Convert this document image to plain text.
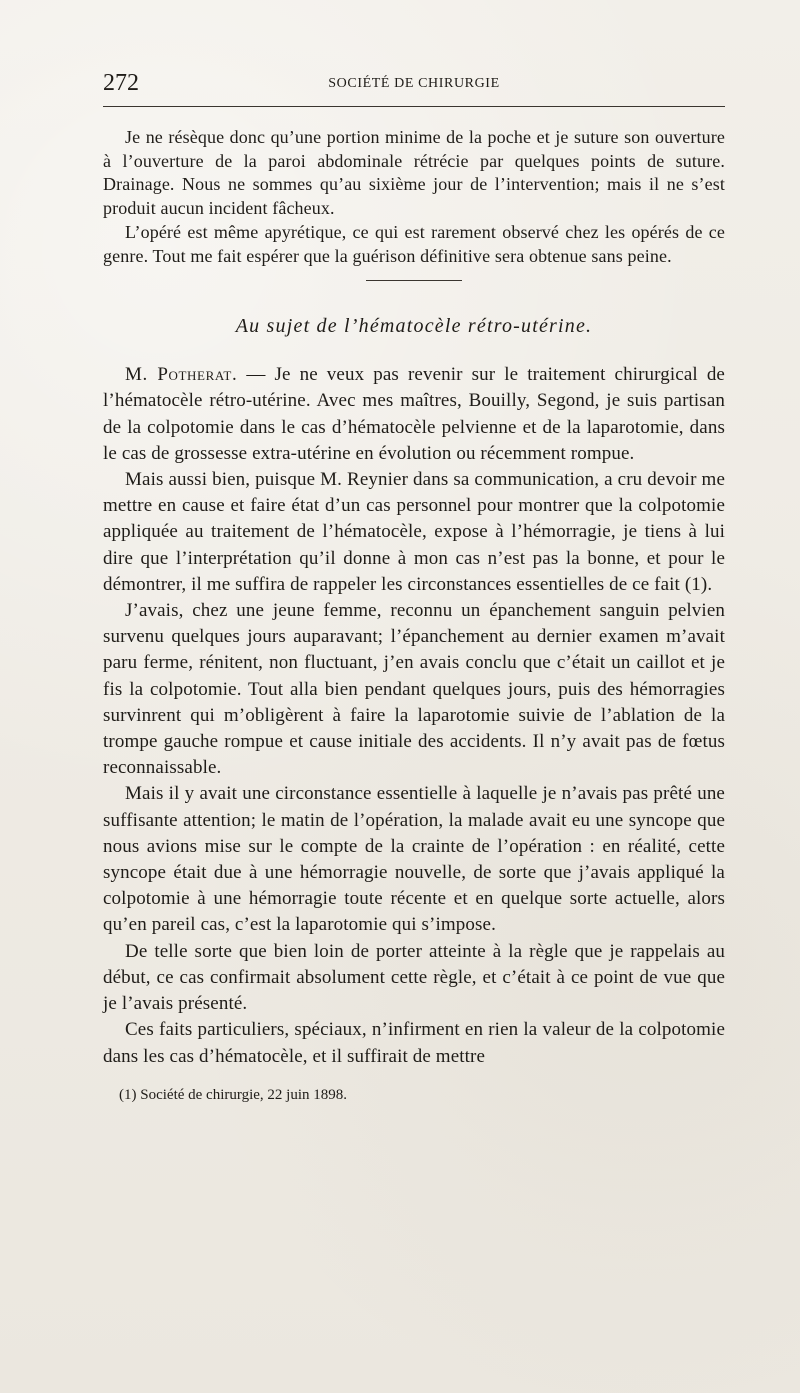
272	SOCIÉTÉ DE CHIRURGIE

Je ne résèque donc qu’une portion minime de la poche et je suture son ouverture à l’ouverture de la paroi abdominale rétrécie par quelques points de suture. Drainage. Nous ne sommes qu’au sixième jour de l’intervention; mais il ne s’est produit aucun incident fâcheux.

L’opéré est même apyrétique, ce qui est rarement observé chez les opérés de ce genre. Tout me fait espérer que la guérison définitive sera obtenue sans peine.

Au sujet de l’hématocèle rétro-utérine.

M. Potherat. — Je ne veux pas revenir sur le traitement chirurgical de l’hématocèle rétro-utérine. Avec mes maîtres, Bouilly, Segond, je suis partisan de la colpotomie dans le cas d’hématocèle pelvienne et de la laparotomie, dans le cas de grossesse extra-utérine en évolution ou récemment rompue.

Mais aussi bien, puisque M. Reynier dans sa communication, a cru devoir me mettre en cause et faire état d’un cas personnel pour montrer que la colpotomie appliquée au traitement de l’hématocèle, expose à l’hémorragie, je tiens à lui dire que l’interprétation qu’il donne à mon cas n’est pas la bonne, et pour le démontrer, il me suffira de rappeler les circonstances essentielles de ce fait (1).

J’avais, chez une jeune femme, reconnu un épanchement sanguin pelvien survenu quelques jours auparavant; l’épanchement au dernier examen m’avait paru ferme, rénitent, non fluctuant, j’en avais conclu que c’était un caillot et je fis la colpotomie. Tout alla bien pendant quelques jours, puis des hémorragies survinrent qui m’obligèrent à faire la laparotomie suivie de l’ablation de la trompe gauche rompue et cause initiale des accidents. Il n’y avait pas de fœtus reconnaissable.

Mais il y avait une circonstance essentielle à laquelle je n’avais pas prêté une suffisante attention; le matin de l’opération, la malade avait eu une syncope que nous avions mise sur le compte de la crainte de l’opération : en réalité, cette syncope était due à une hémorragie nouvelle, de sorte que j’avais appliqué la colpotomie à une hémorragie toute récente et en quelque sorte actuelle, alors qu’en pareil cas, c’est la laparotomie qui s’impose.

De telle sorte que bien loin de porter atteinte à la règle que je rappelais au début, ce cas confirmait absolument cette règle, et c’était à ce point de vue que je l’avais présenté.

Ces faits particuliers, spéciaux, n’infirment en rien la valeur de la colpotomie dans les cas d’hématocèle, et il suffirait de mettre

(1) Société de chirurgie, 22 juin 1898.
